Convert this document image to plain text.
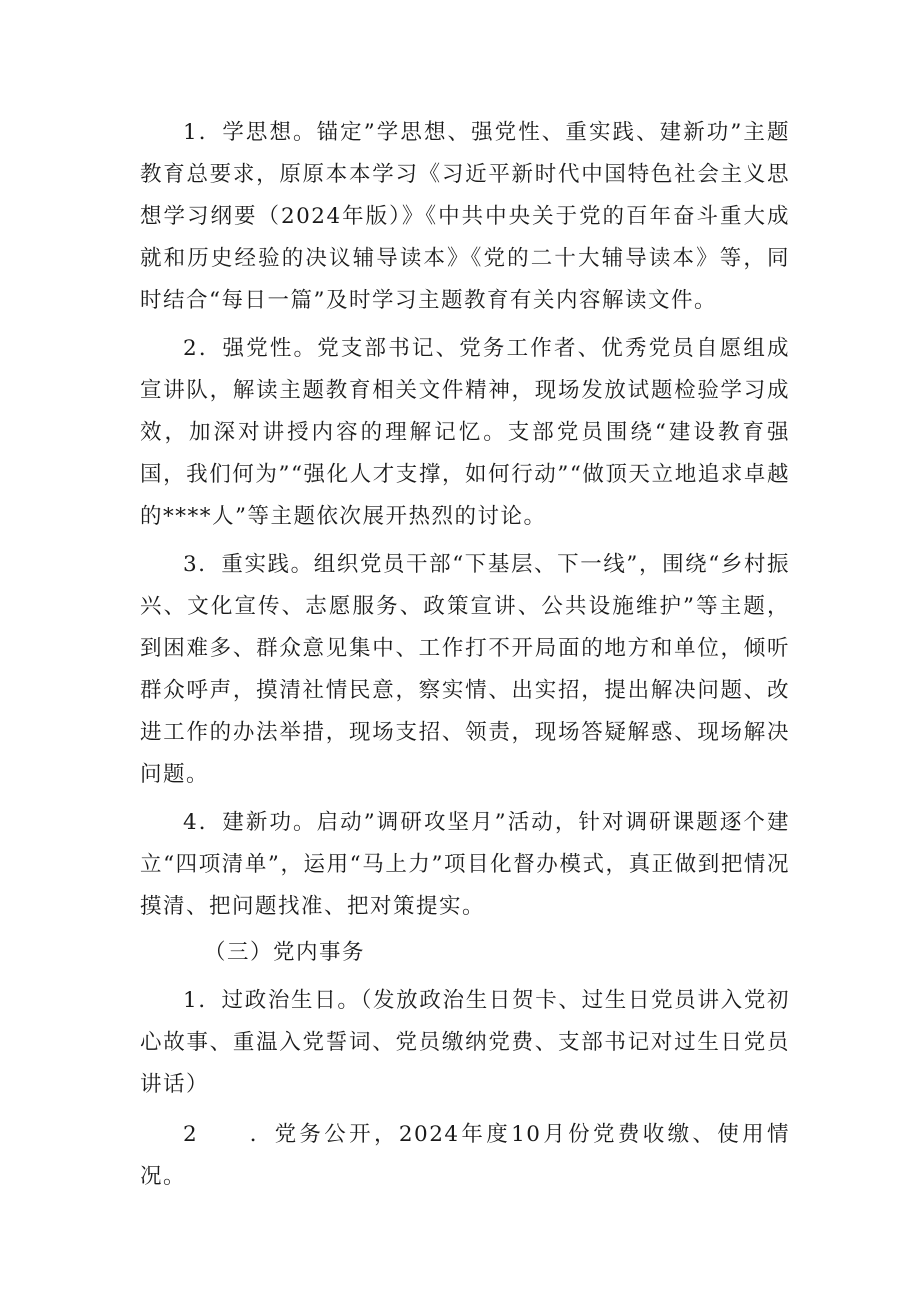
1．学思想。锚定”学思想、强党性、重实践、建新功”主题教育总要求，原原本本学习《习近平新时代中国特色社会主义思想学习纲要（2024年版）》《中共中央关于党的百年奋斗重大成就和历史经验的决议辅导读本》《党的二十大辅导读本》等，同时结合“每日一篇”及时学习主题教育有关内容解读文件。

2．强党性。党支部书记、党务工作者、优秀党员自愿组成宣讲队，解读主题教育相关文件精神，现场发放试题检验学习成效，加深对讲授内容的理解记忆。支部党员围绕“建设教育强国，我们何为”“强化人才支撑，如何行动”“做顶天立地追求卓越的****人”等主题依次展开热烈的讨论。

3．重实践。组织党员干部“下基层、下一线”，围绕“乡村振兴、文化宣传、志愿服务、政策宣讲、公共设施维护”等主题，到困难多、群众意见集中、工作打不开局面的地方和单位，倾听群众呼声，摸清社情民意，察实情、出实招，提出解决问题、改进工作的办法举措，现场支招、领责，现场答疑解惑、现场解决问题。

4．建新功。启动”调研攻坚月”活动，针对调研课题逐个建立“四项清单”，运用“马上力”项目化督办模式，真正做到把情况摸清、把问题找准、把对策提实。

（三）党内事务

1．过政治生日。（发放政治生日贺卡、过生日党员讲入党初心故事、重温入党誓词、党员缴纳党费、支部书记对过生日党员讲话）

2　　．党务公开，2024年度10月份党费收缴、使用情况。
